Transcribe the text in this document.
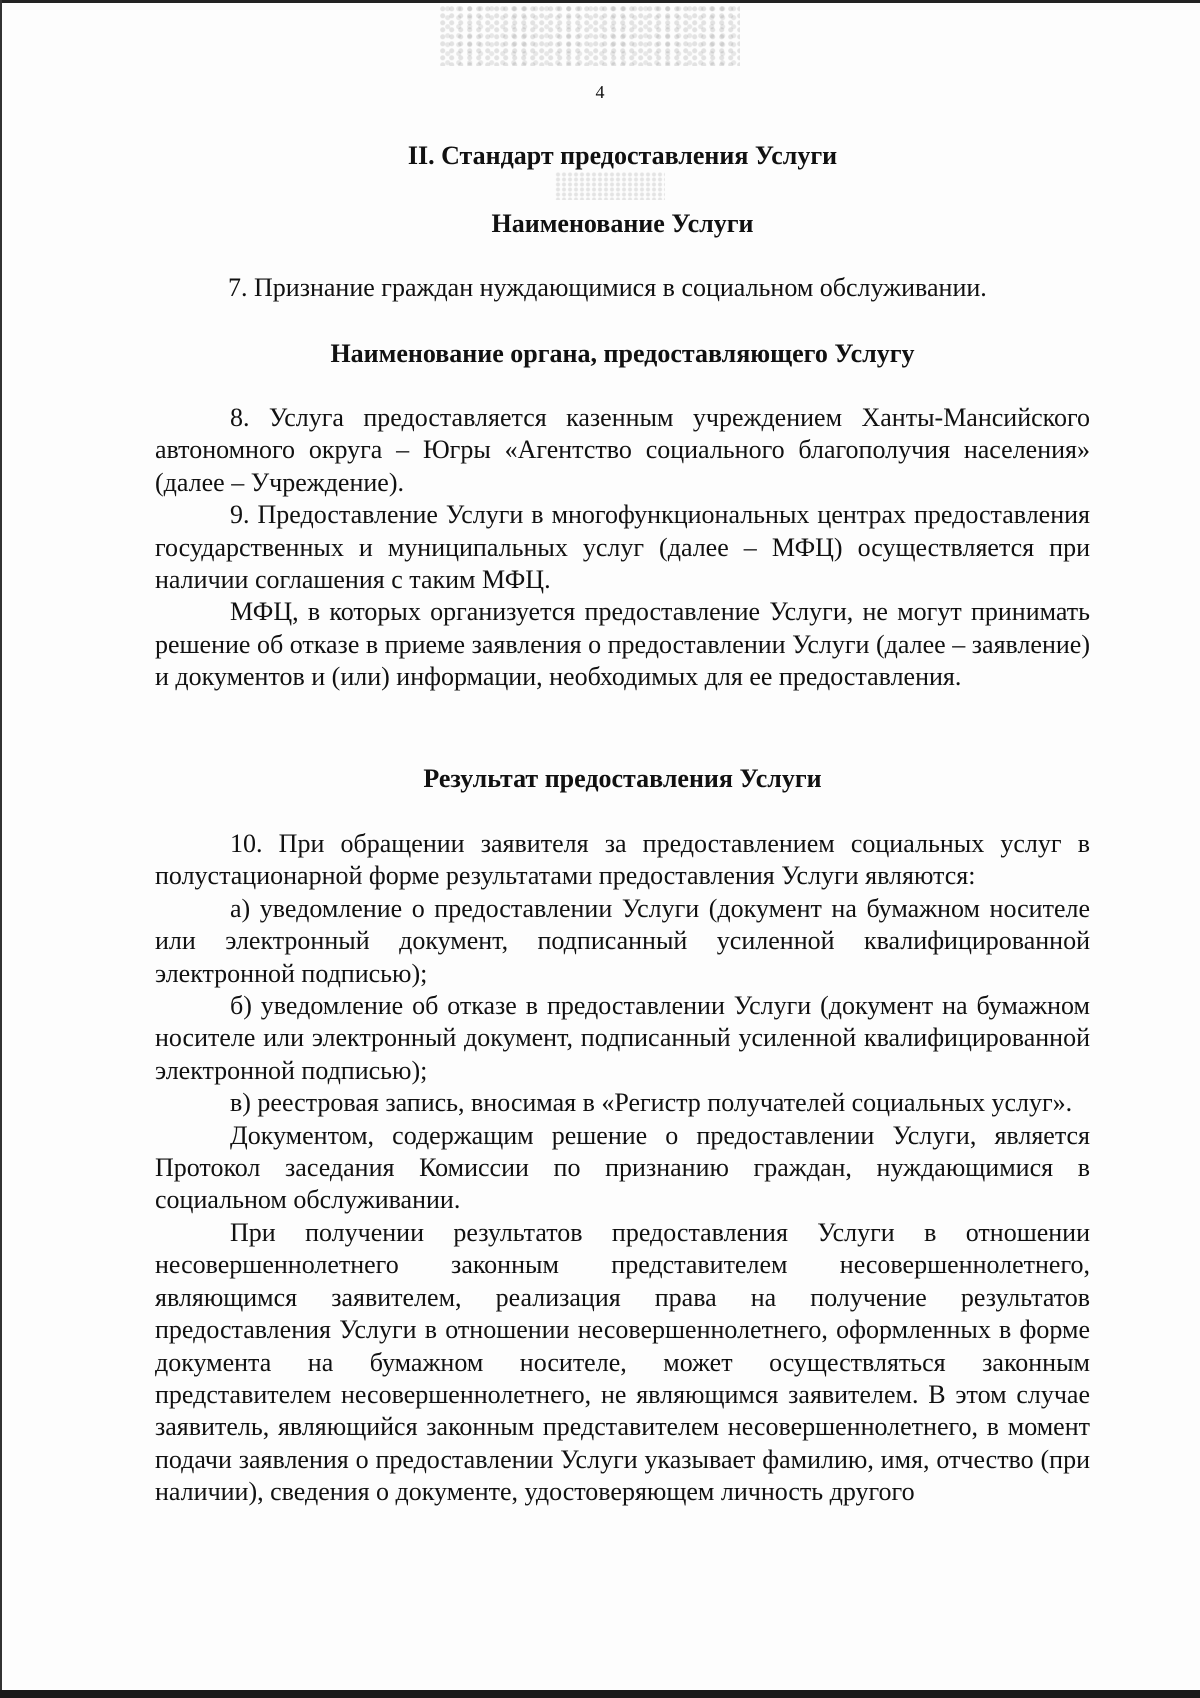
4
II. Стандарт предоставления Услуги
Наименование Услуги
7. Признание граждан нуждающимися в социальном обслуживании.
Наименование органа, предоставляющего Услугу

8. Услуга предоставляется казенным учреждением Ханты-Мансийского автономного округа – Югры «Агентство социального благополучия населения» (далее – Учреждение).

9. Предоставление Услуги в многофункциональных центрах предоставления государственных и муниципальных услуг (далее – МФЦ) осуществляется при наличии соглашения с таким МФЦ.

МФЦ, в которых организуется предоставление Услуги, не могут принимать решение об отказе в приеме заявления о предоставлении Услуги (далее – заявление) и документов и (или) информации, необходимых для ее предоставления.

Результат предоставления Услуги

10. При обращении заявителя за предоставлением социальных услуг в полустационарной форме результатами предоставления Услуги являются:

а) уведомление о предоставлении Услуги (документ на бумажном носителе или электронный документ, подписанный усиленной квалифицированной электронной подписью);

б) уведомление об отказе в предоставлении Услуги (документ на бумажном носителе или электронный документ, подписанный усиленной квалифицированной электронной подписью);

в) реестровая запись, вносимая в «Регистр получателей социальных услуг».

Документом, содержащим решение о предоставлении Услуги, является Протокол заседания Комиссии по признанию граждан, нуждающимися в социальном обслуживании.

При получении результатов предоставления Услуги в отношении несовершеннолетнего законным представителем несовершеннолетнего, являющимся заявителем, реализация права на получение результатов предоставления Услуги в отношении несовершеннолетнего, оформленных в форме документа на бумажном носителе, может осуществляться законным представителем несовершеннолетнего, не являющимся заявителем. В этом случае заявитель, являющийся законным представителем несовершеннолетнего, в момент подачи заявления о предоставлении Услуги указывает фамилию, имя, отчество (при наличии), сведения о документе, удостоверяющем личность другого
